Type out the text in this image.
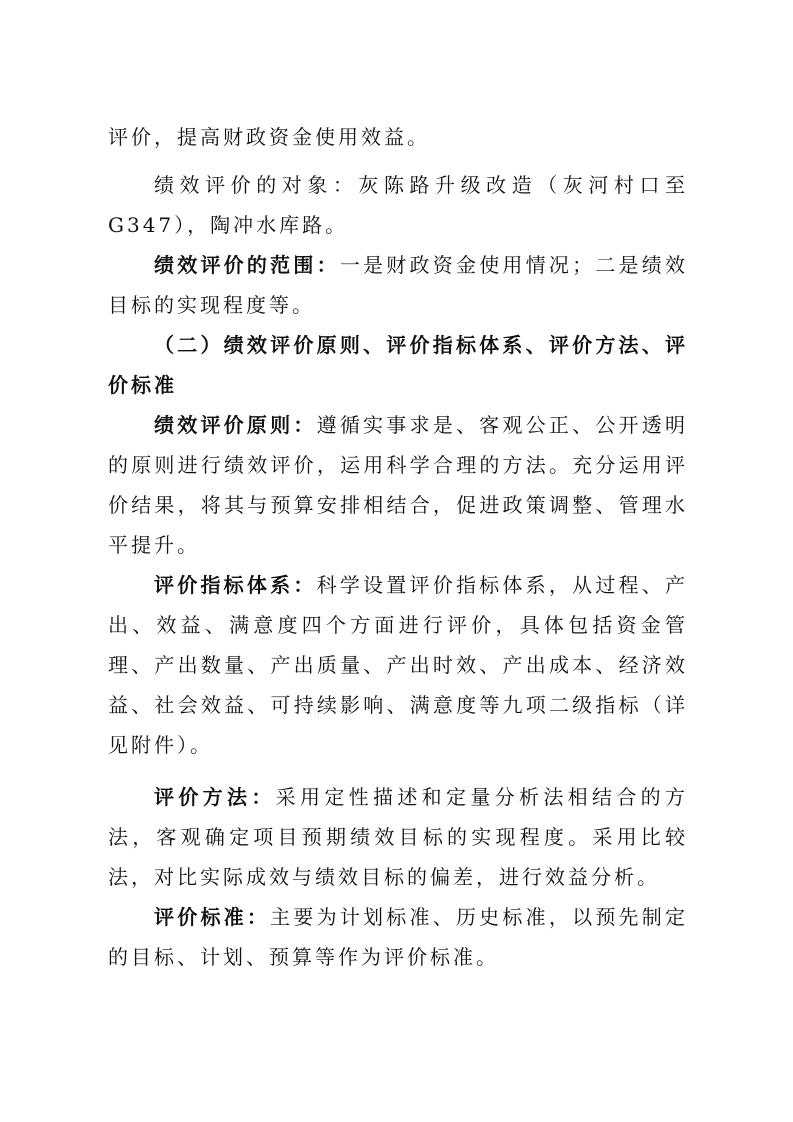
评价，提高财政资金使用效益。

绩效评价的对象：灰陈路升级改造（灰河村口至G347），陶冲水库路。

绩效评价的范围：一是财政资金使用情况；二是绩效目标的实现程度等。

（二）绩效评价原则、评价指标体系、评价方法、评价标准

绩效评价原则：遵循实事求是、客观公正、公开透明的原则进行绩效评价，运用科学合理的方法。充分运用评价结果，将其与预算安排相结合，促进政策调整、管理水平提升。

评价指标体系：科学设置评价指标体系，从过程、产出、效益、满意度四个方面进行评价，具体包括资金管理、产出数量、产出质量、产出时效、产出成本、经济效益、社会效益、可持续影响、满意度等九项二级指标（详见附件）。

评价方法：采用定性描述和定量分析法相结合的方法，客观确定项目预期绩效目标的实现程度。采用比较法，对比实际成效与绩效目标的偏差，进行效益分析。

评价标准：主要为计划标准、历史标准，以预先制定的目标、计划、预算等作为评价标准。
